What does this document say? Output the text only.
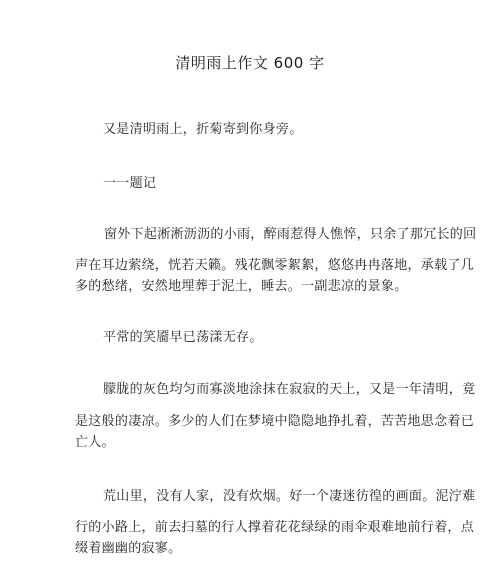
清明雨上作文 600 字
又是清明雨上，折菊寄到你身旁。
一一题记
窗外下起淅淅沥沥的小雨，醉雨惹得人憔悴，只余了那冗长的回
声在耳边萦绕，恍若天籁。残花飘零絮絮，悠悠冉冉落地，承载了几
多的愁绪，安然地埋葬于泥土，睡去。一副悲凉的景象。
平常的笑靥早已荡漾无存。
朦胧的灰色均匀而寡淡地涂抹在寂寂的天上，又是一年清明，竟
是这般的凄凉。多少的人们在梦境中隐隐地挣扎着，苦苦地思念着已
亡人。
荒山里，没有人家，没有炊烟。好一个凄迷彷徨的画面。泥泞难
行的小路上，前去扫墓的行人撑着花花绿绿的雨伞艰难地前行着，点
缀着幽幽的寂寥。
